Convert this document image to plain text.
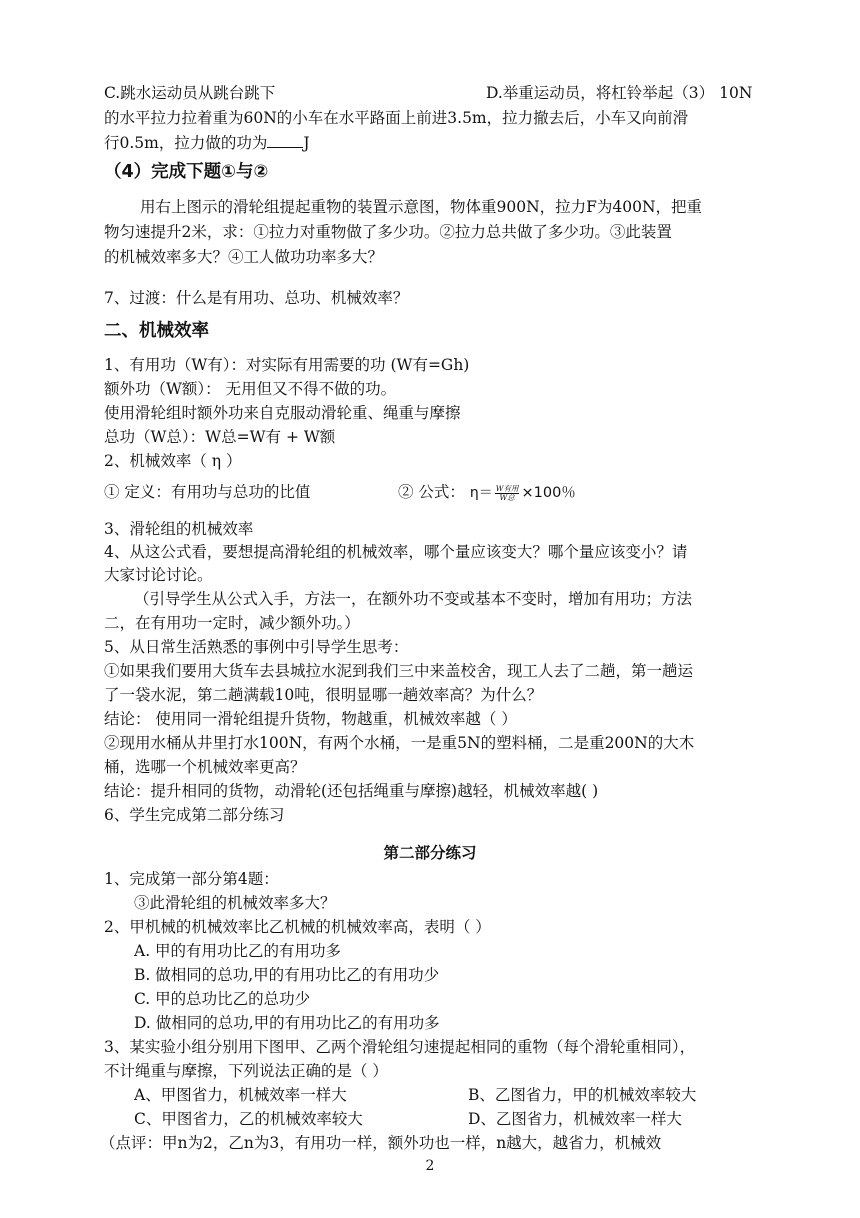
C.跳水运动员从跳台跳下	D.举重运动员，将杠铃举起（3） 10N
的水平拉力拉着重为60N的小车在水平路面上前进3.5m，拉力撤去后，小车又向前滑
行0.5m，拉力做的功为 J
（4）完成下题①与②
用右上图示的滑轮组提起重物的装置示意图，物体重900N，拉力F为400N，把重
物匀速提升2米，求：①拉力对重物做了多少功。②拉力总共做了多少功。③此装置
的机械效率多大？④工人做功功率多大？
7、过渡：什么是有用功、总功、机械效率？
二、机械效率
1、有用功（W有）：对实际有用需要的功 (W有=Gh)
额外功（W额）： 无用但又不得不做的功。
使用滑轮组时额外功来自克服动滑轮重、绳重与摩擦
总功（W总）：W总=W有 + W额
2、机械效率（ η ）
① 定义：有用功与总功的比值	② 公式： $\eta= \frac{\text{W有用}}{\text{W总}} \times 100$％
3、滑轮组的机械效率
4、从这公式看，要想提高滑轮组的机械效率，哪个量应该变大？哪个量应该变小？请
大家讨论讨论。
（引导学生从公式入手，方法一，在额外功不变或基本不变时，增加有用功；方法
二，在有用功一定时，减少额外功。）
5、从日常生活熟悉的事例中引导学生思考：
①如果我们要用大货车去县城拉水泥到我们三中来盖校舍，现工人去了二趟，第一趟运
了一袋水泥，第二趟满载10吨，很明显哪一趟效率高？为什么？
结论： 使用同一滑轮组提升货物，物越重，机械效率越（ ）
②现用水桶从井里打水100N，有两个水桶，一是重5N的塑料桶，二是重200N的大木
桶，选哪一个机械效率更高？
结论：提升相同的货物，动滑轮(还包括绳重与摩擦)越轻，机械效率越( )
6、学生完成第二部分练习
第二部分练习
1、完成第一部分第4题：
③此滑轮组的机械效率多大？
2、甲机械的机械效率比乙机械的机械效率高，表明（ ）
A. 甲的有用功比乙的有用功多
B. 做相同的总功,甲的有用功比乙的有用功少
C. 甲的总功比乙的总功少
D. 做相同的总功,甲的有用功比乙的有用功多
3、某实验小组分别用下图甲、乙两个滑轮组匀速提起相同的重物（每个滑轮重相同），
不计绳重与摩擦，下列说法正确的是（ ）
A、甲图省力，机械效率一样大	B、乙图省力，甲的机械效率较大
C、甲图省力，乙的机械效率较大	D、乙图省力，机械效率一样大
（点评：甲n为2，乙n为3，有用功一样，额外功也一样，n越大，越省力，机械效
2
